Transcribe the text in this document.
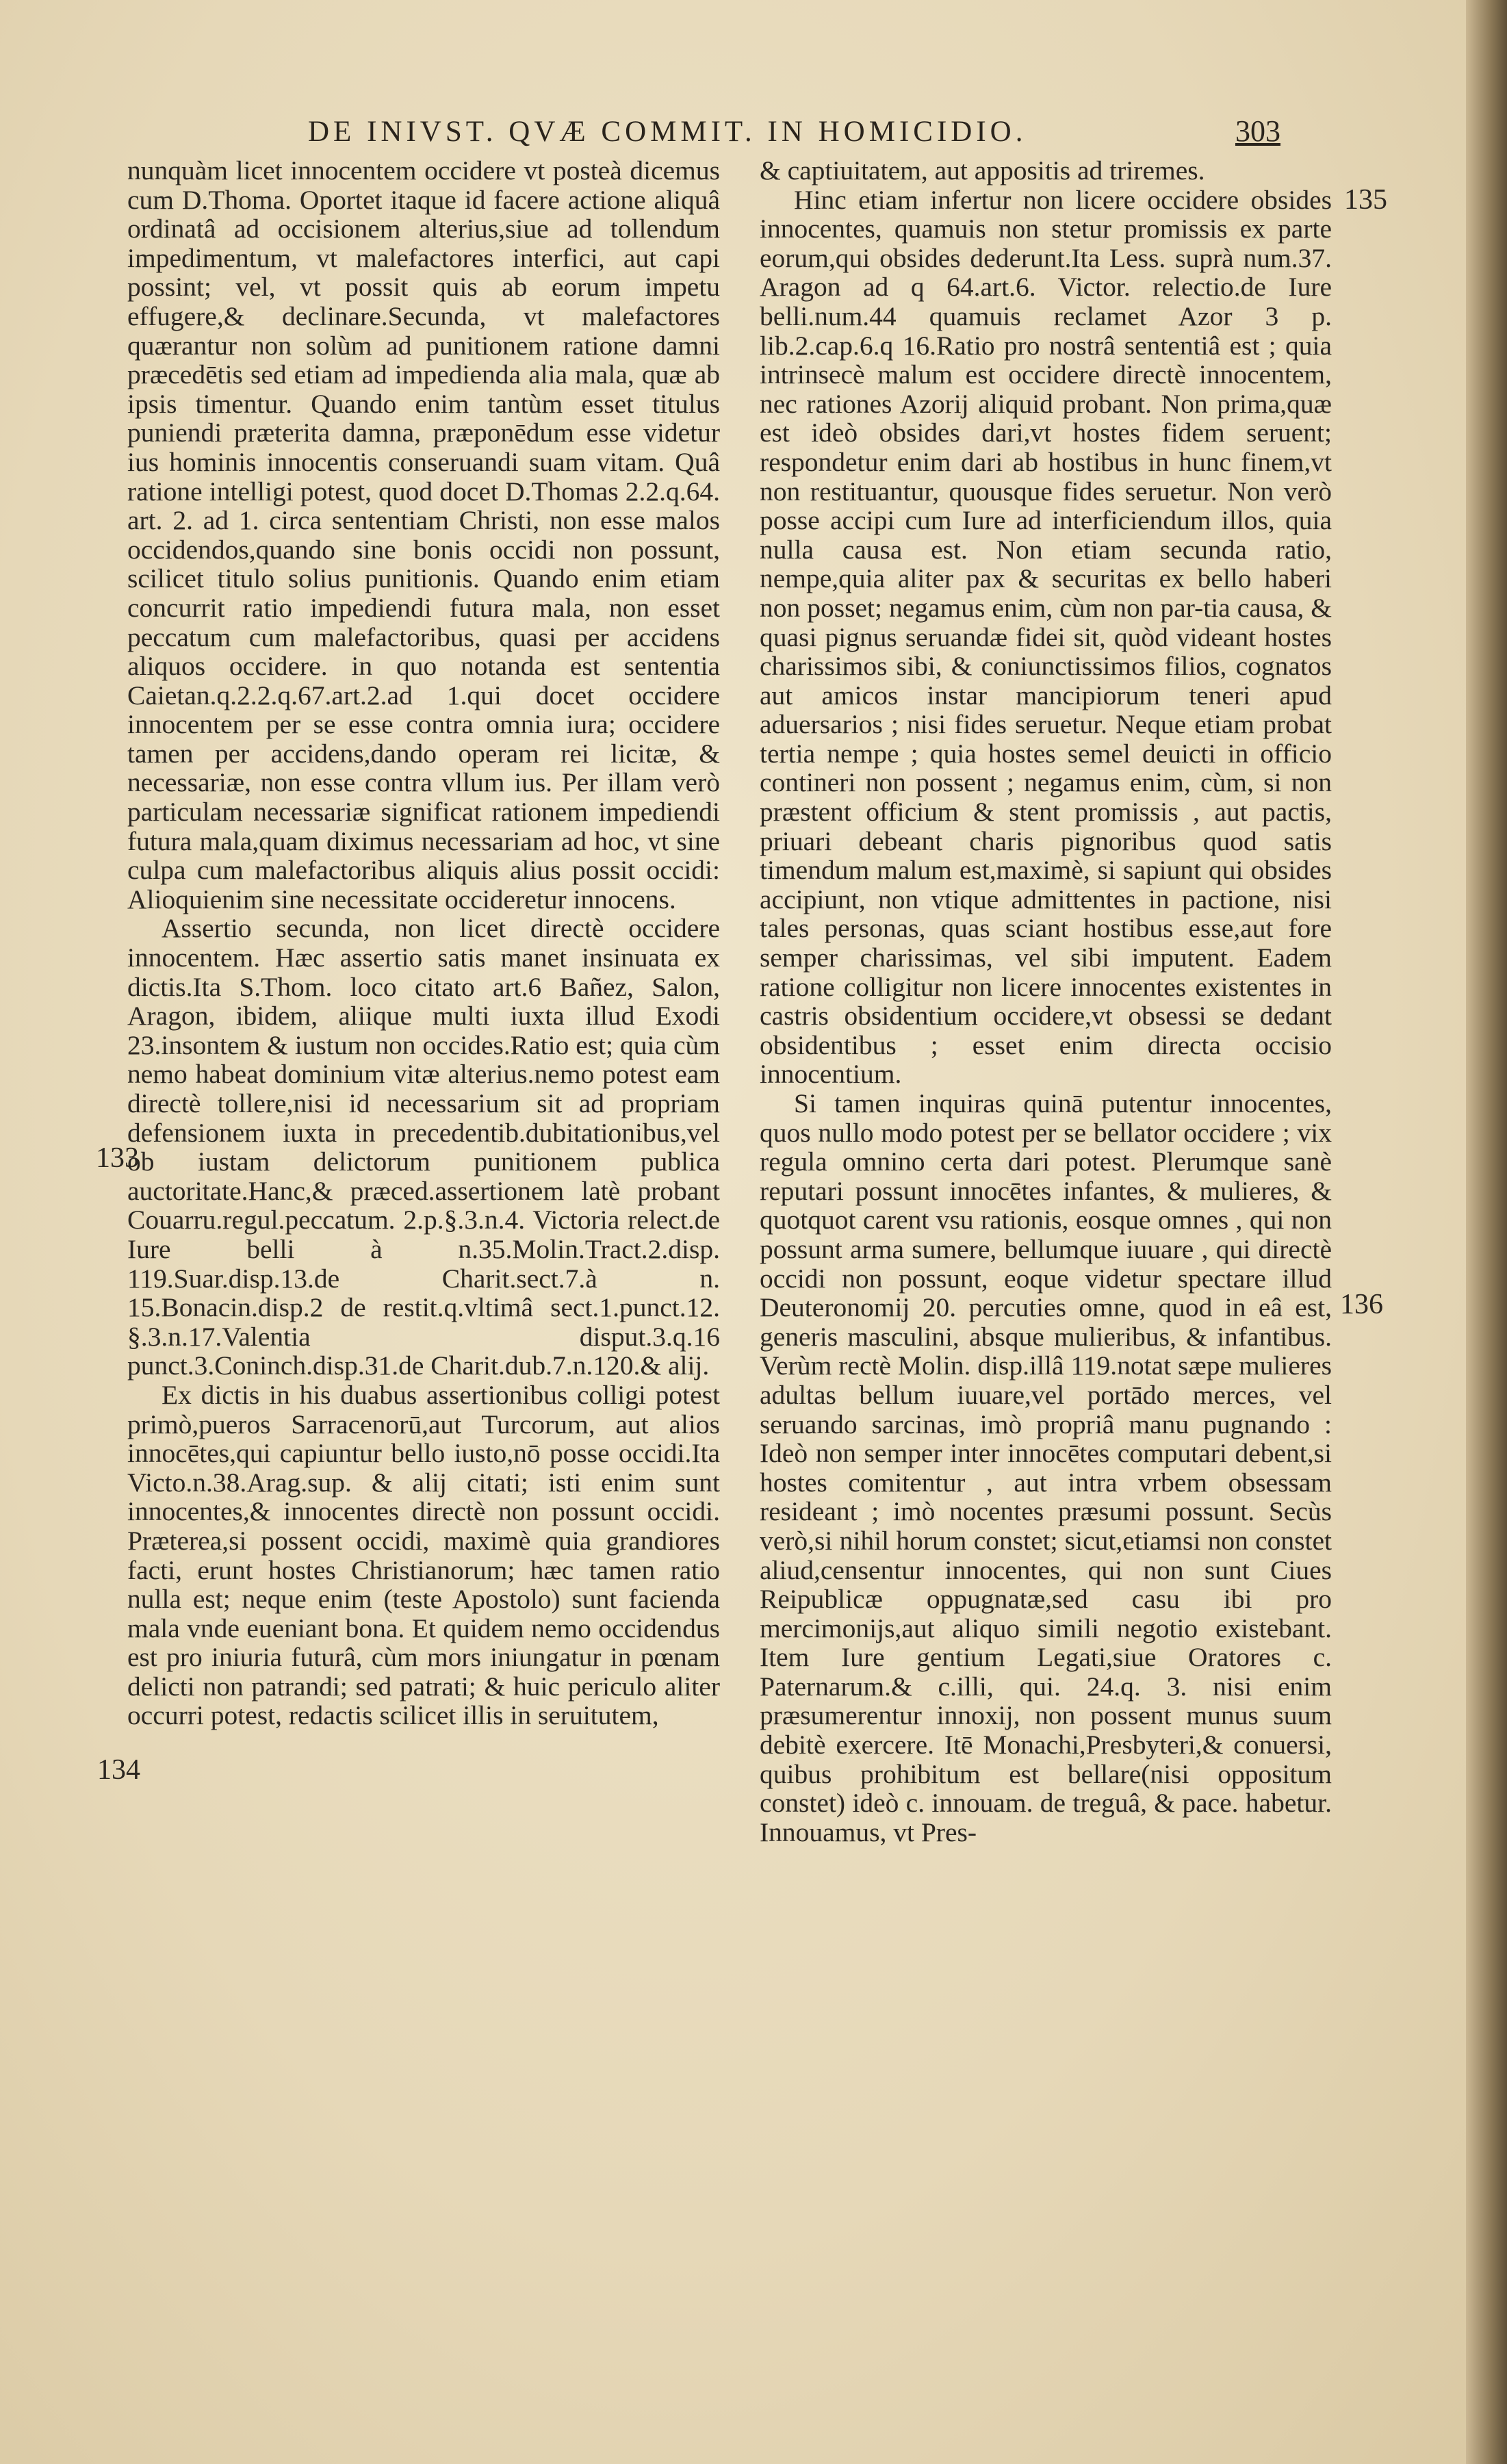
DE INIVST. QVÆ COMMIT. IN HOMICIDIO.	303

nunquàm licet innocentem occidere vt posteà dicemus cum D.Thoma. Oportet itaque id facere actione aliquâ ordinatâ ad occisionem alterius,siue ad tollendum impedimentum, vt malefactores interfici, aut capi possint; vel, vt possit quis ab eorum impetu effugere,& declinare.Secunda, vt malefactores quærantur non solùm ad punitionem ratione damni præcedētis sed etiam ad impedienda alia mala, quæ ab ipsis timentur. Quando enim tantùm esset titulus puniendi præterita damna, præponēdum esse videtur ius hominis innocentis conseruandi suam vitam. Quâ ratione intelligi potest, quod docet D.Thomas 2.2.q.64. art. 2. ad 1. circa sententiam Christi, non esse malos occidendos,quando sine bonis occidi non possunt, scilicet titulo solius punitionis. Quando enim etiam concurrit ratio impediendi futura mala, non esset peccatum cum malefactoribus, quasi per accidens aliquos occidere. in quo notanda est sententia Caietan.q.2.2.q.67.art.2.ad 1.qui docet occidere innocentem per se esse contra omnia iura; occidere tamen per accidens,dando operam rei licitæ, & necessariæ, non esse contra vllum ius. Per illam verò particulam necessariæ significat rationem impediendi futura mala,quam diximus necessariam ad hoc, vt sine culpa cum malefactoribus aliquis alius possit occidi: Alioquienim sine necessitate occideretur innocens.

Assertio secunda, non licet directè occidere innocentem. Hæc assertio satis manet insinuata ex dictis.Ita S.Thom. loco citato art.6 Bañez, Salon, Aragon, ibidem, aliique multi iuxta illud Exodi 23.insontem & iustum non occides.Ratio est; quia cùm nemo habeat dominium vitæ alterius.nemo potest eam directè tollere,nisi id necessarium sit ad propriam defensionem iuxta in precedentib.dubitationibus,vel ob iustam delictorum punitionem publica auctoritate.Hanc,& præced.assertionem latè probant Couarru.regul.peccatum. 2.p.§.3.n.4. Victoria relect.de Iure belli à n.35.Molin.Tract.2.disp. 119.Suar.disp.13.de Charit.sect.7.à n. 15.Bonacin.disp.2 de restit.q.vltimâ sect.1.punct.12. §.3.n.17.Valentia disput.3.q.16 punct.3.Coninch.disp.31.de Charit.dub.7.n.120.& alij.

Ex dictis in his duabus assertionibus colligi potest primò,pueros Sarracenorū,aut Turcorum, aut alios innocētes,qui capiuntur bello iusto,nō posse occidi.Ita Victo.n.38.Arag.sup. & alij citati; isti enim sunt innocentes,& innocentes directè non possunt occidi. Præterea,si possent occidi, maximè quia grandiores facti, erunt hostes Christianorum; hæc tamen ratio nulla est; neque enim (teste Apostolo) sunt facienda mala vnde eueniant bona. Et quidem nemo occidendus est pro iniuria futurâ, cùm mors iniungatur in pœnam delicti non patrandi; sed patrati; & huic periculo aliter occurri potest, redactis scilicet illis in seruitutem,

& captiuitatem, aut appositis ad triremes.

Hinc etiam infertur non licere occidere obsides innocentes, quamuis non stetur promissis ex parte eorum,qui obsides dederunt.Ita Less. suprà num.37. Aragon ad q 64.art.6. Victor. relectio.de Iure belli.num.44 quamuis reclamet Azor 3 p. lib.2.cap.6.q 16.Ratio pro nostrâ sententiâ est ; quia intrinsecè malum est occidere directè innocentem, nec rationes Azorij aliquid probant. Non prima,quæ est ideò obsides dari,vt hostes fidem seruent; respondetur enim dari ab hostibus in hunc finem,vt non restituantur, quousque fides seruetur. Non verò posse accipi cum Iure ad interficiendum illos, quia nulla causa est. Non etiam secunda ratio, nempe,quia aliter pax & securitas ex bello haberi non posset; negamus enim, cùm non par-tia causa, & quasi pignus seruandæ fidei sit, quòd videant hostes charissimos sibi, & coniunctissimos filios, cognatos aut amicos instar mancipiorum teneri apud aduersarios ; nisi fides seruetur. Neque etiam probat tertia nempe ; quia hostes semel deuicti in officio contineri non possent ; negamus enim, cùm, si non præstent officium & stent promissis , aut pactis, priuari debeant charis pignoribus quod satis timendum malum est,maximè, si sapiunt qui obsides accipiunt, non vtique admittentes in pactione, nisi tales personas, quas sciant hostibus esse,aut fore semper charissimas, vel sibi imputent. Eadem ratione colligitur non licere innocentes existentes in castris obsidentium occidere,vt obsessi se dedant obsidentibus ; esset enim directa occisio innocentium.

Si tamen inquiras quinā putentur innocentes, quos nullo modo potest per se bellator occidere ; vix regula omnino certa dari potest. Plerumque sanè reputari possunt innocētes infantes, & mulieres, & quotquot carent vsu rationis, eosque omnes , qui non possunt arma sumere, bellumque iuuare , qui directè occidi non possunt, eoque videtur spectare illud Deuteronomij 20. percuties omne, quod in eâ est, generis masculini, absque mulieribus, & infantibus. Verùm rectè Molin. disp.illâ 119.notat sæpe mulieres adultas bellum iuuare,vel portādo merces, vel seruando sarcinas, imò propriâ manu pugnando : Ideò non semper inter innocētes computari debent,si hostes comitentur , aut intra vrbem obsessam resideant ; imò nocentes præsumi possunt. Secùs verò,si nihil horum constet; sicut,etiamsi non constet aliud,censentur innocentes, qui non sunt Ciues Reipublicæ oppugnatæ,sed casu ibi pro mercimonijs,aut aliquo simili negotio existebant. Item Iure gentium Legati,siue Oratores c. Paternarum.& c.illi, qui. 24.q. 3. nisi enim præsumerentur innoxij, non possent munus suum debitè exercere. Itē Monachi,Presbyteri,& conuersi, quibus prohibitum est bellare(nisi oppositum constet) ideò c. innouam. de treguâ, & pace. habetur. Innouamus, vt Pres-

133
134
135
136
